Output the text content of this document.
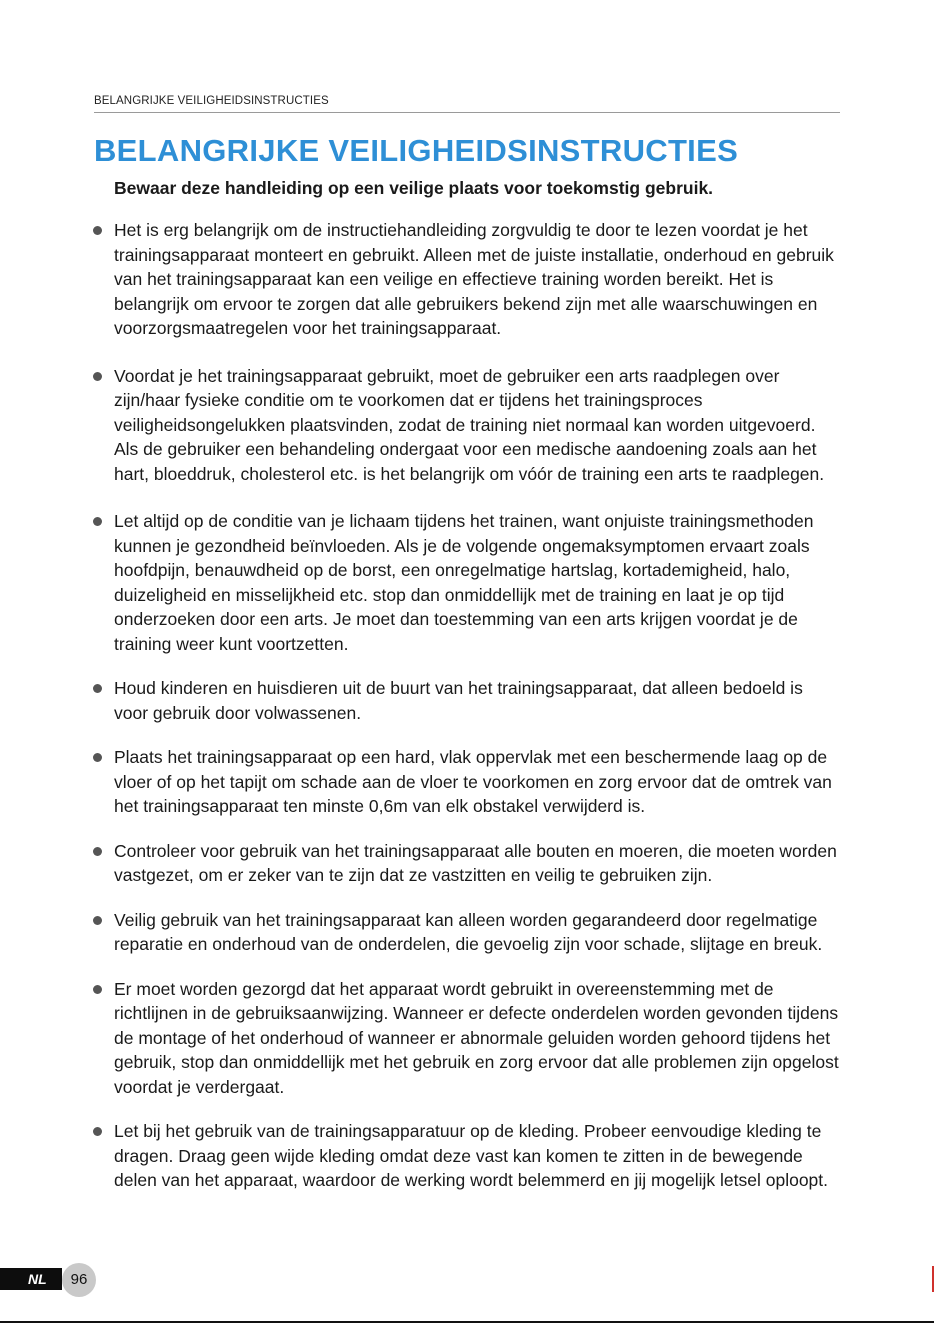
BELANGRIJKE VEILIGHEIDSINSTRUCTIES
BELANGRIJKE VEILIGHEIDSINSTRUCTIES

Bewaar deze handleiding op een veilige plaats voor toekomstig gebruik.

Het is erg belangrijk om de instructiehandleiding zorgvuldig te door te lezen voordat je het trainingsapparaat monteert en gebruikt. Alleen met de juiste installatie, onderhoud en gebruik van het trainingsapparaat kan een veilige en effectieve training worden bereikt. Het is belangrijk om ervoor te zorgen dat alle gebruikers bekend zijn met alle waarschuwingen en voorzorgsmaatregelen voor het trainingsapparaat.
Voordat je het trainingsapparaat gebruikt, moet de gebruiker een arts raadplegen over zijn/haar fysieke conditie om te voorkomen dat er tijdens het trainingsproces veiligheidsongelukken plaatsvinden, zodat de training niet normaal kan worden uitgevoerd. Als de gebruiker een behandeling ondergaat voor een medische aandoening zoals aan het hart, bloeddruk, cholesterol etc. is het belangrijk om vóór de training een arts te raadplegen.
Let altijd op de conditie van je lichaam tijdens het trainen, want onjuiste trainingsmethoden kunnen je gezondheid beïnvloeden. Als je de volgende ongemaksymptomen ervaart zoals hoofdpijn, benauwdheid op de borst, een onregelmatige hartslag, kortademigheid, halo, duizeligheid en misselijkheid etc. stop dan onmiddellijk met de training en laat je op tijd onderzoeken door een arts. Je moet dan toestemming van een arts krijgen voordat je de training weer kunt voortzetten.
Houd kinderen en huisdieren uit de buurt van het trainingsapparaat, dat alleen bedoeld is voor gebruik door volwassenen.
Plaats het trainingsapparaat op een hard, vlak oppervlak met een beschermende laag op de vloer of op het tapijt om schade aan de vloer te voorkomen en zorg ervoor dat de omtrek van het trainingsapparaat ten minste 0,6m van elk obstakel verwijderd is.
Controleer voor gebruik van het trainingsapparaat alle bouten en moeren, die moeten worden vastgezet, om er zeker van te zijn dat ze vastzitten en veilig te gebruiken zijn.
Veilig gebruik van het trainingsapparaat kan alleen worden gegarandeerd door regelmatige reparatie en onderhoud van de onderdelen, die gevoelig zijn voor schade, slijtage en breuk.
Er moet worden gezorgd dat het apparaat wordt gebruikt in overeenstemming met de richtlijnen in de gebruiksaanwijzing. Wanneer er defecte onderdelen worden gevonden tijdens de montage of het onderhoud of wanneer er abnormale geluiden worden gehoord tijdens het gebruik, stop dan onmiddellijk met het gebruik en zorg ervoor dat alle problemen zijn opgelost voordat je verdergaat.
Let bij het gebruik van de trainingsapparatuur op de kleding. Probeer eenvoudige kleding te dragen. Draag geen wijde kleding omdat deze vast kan komen te zitten in de bewegende delen van het apparaat, waardoor de werking wordt belemmerd en jij mogelijk letsel oploopt.
NL	96
